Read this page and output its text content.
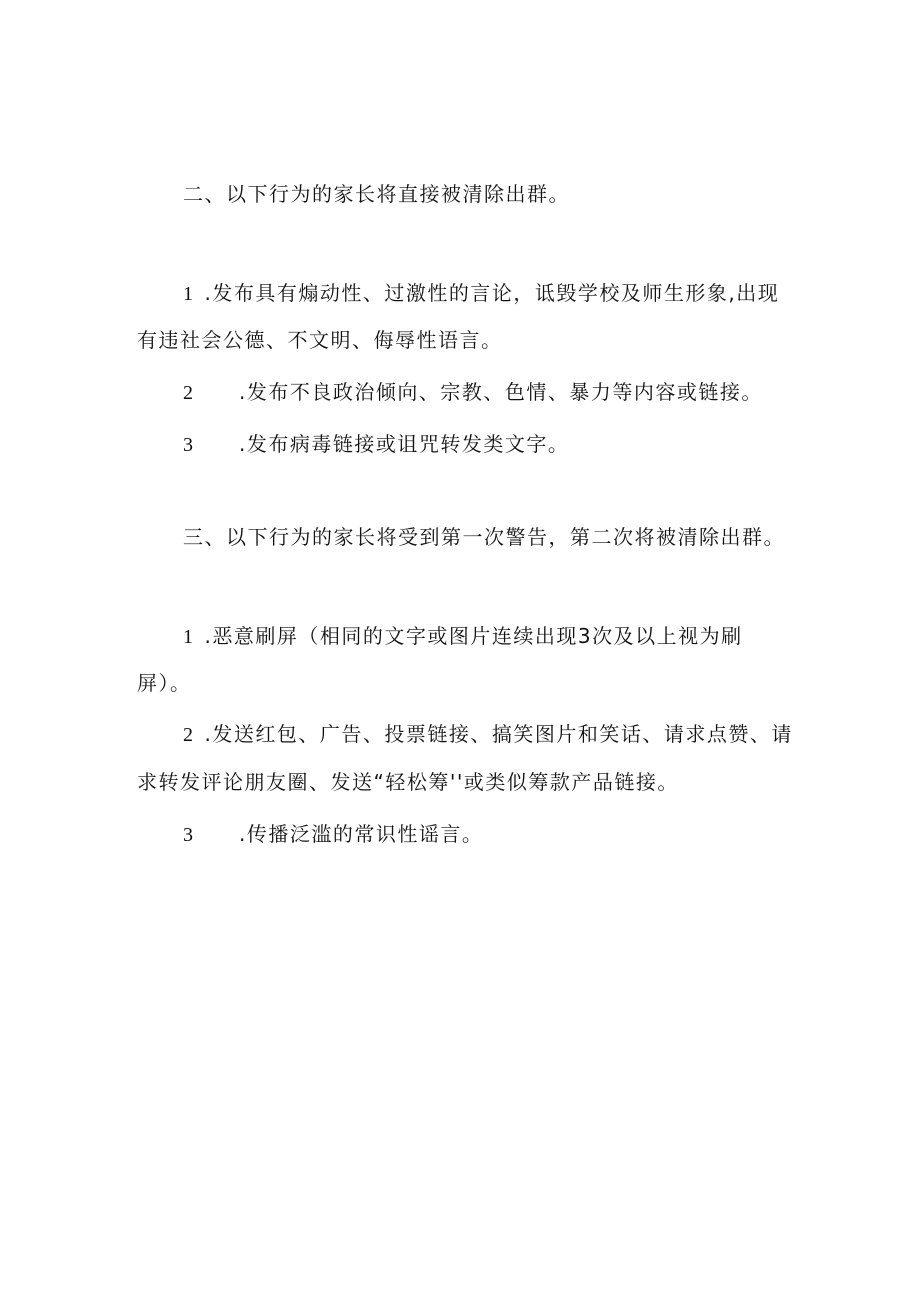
二、以下行为的家长将直接被清除出群。
1 .发布具有煽动性、过激性的言论，诋毁学校及师生形象,出现
有违社会公德、不文明、侮辱性语言。
2 .发布不良政治倾向、宗教、色情、暴力等内容或链接。
3 .发布病毒链接或诅咒转发类文字。
三、以下行为的家长将受到第一次警告，第二次将被清除出群。
1 .恶意刷屏（相同的文字或图片连续出现3次及以上视为刷
屏）。
2 .发送红包、广告、投票链接、搞笑图片和笑话、请求点赞、请
求转发评论朋友圈、发送“轻松筹''或类似筹款产品链接。
3 .传播泛滥的常识性谣言。
